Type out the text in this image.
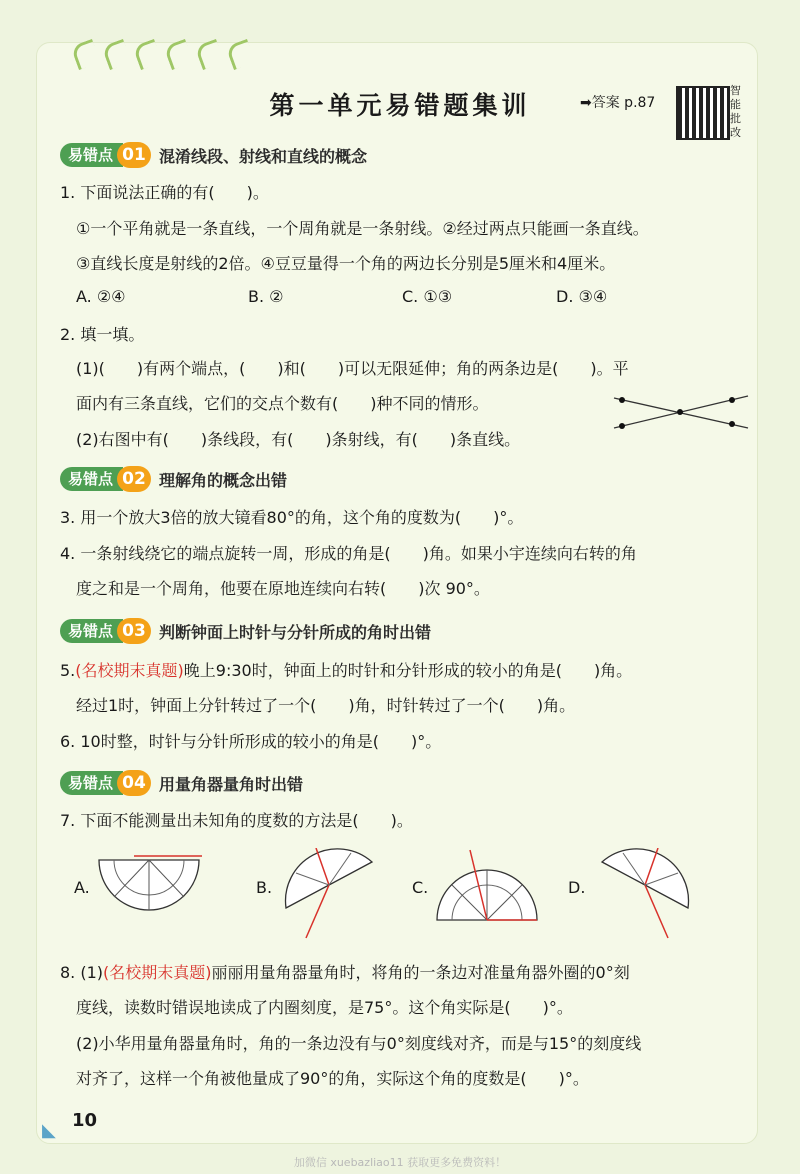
第一单元易错题集训	➡答案 p.87
智能批改
易错点 01 混淆线段、射线和直线的概念
1. 下面说法正确的有(　　)。
①一个平角就是一条直线，一个周角就是一条射线。②经过两点只能画一条直线。
③直线长度是射线的2倍。④豆豆量得一个角的两边长分别是5厘米和4厘米。
A. ②④	B. ②	C. ①③	D. ③④
2. 填一填。
(1)(　　)有两个端点，(　　)和(　　)可以无限延伸；角的两条边是(　　)。平
面内有三条直线，它们的交点个数有(　　)种不同的情形。
(2)右图中有(　　)条线段，有(　　)条射线，有(　　)条直线。
易错点 02 理解角的概念出错
3. 用一个放大3倍的放大镜看80°的角，这个角的度数为(　　)°。
4. 一条射线绕它的端点旋转一周，形成的角是(　　)角。如果小宇连续向右转的角
度之和是一个周角，他要在原地连续向右转(　　)次 90°。
易错点 03 判断钟面上时针与分针所成的角时出错
5.(名校期末真题)晚上9:30时，钟面上的时针和分针形成的较小的角是(　　)角。
经过1时，钟面上分针转过了一个(　　)角，时针转过了一个(　　)角。
6. 10时整，时针与分针所形成的较小的角是(　　)°。
易错点 04 用量角器量角时出错
7. 下面不能测量出未知角的度数的方法是(　　)。
A.	B.	C.	D.
8. (1)(名校期末真题)丽丽用量角器量角时，将角的一条边对准量角器外圈的0°刻
度线，读数时错误地读成了内圈刻度，是75°。这个角实际是(　　)°。
(2)小华用量角器量角时，角的一条边没有与0°刻度线对齐，而是与15°的刻度线
对齐了，这样一个角被他量成了90°的角，实际这个角的度数是(　　)°。
◣ 10
加微信 xuebazliao11 获取更多免费资料！
